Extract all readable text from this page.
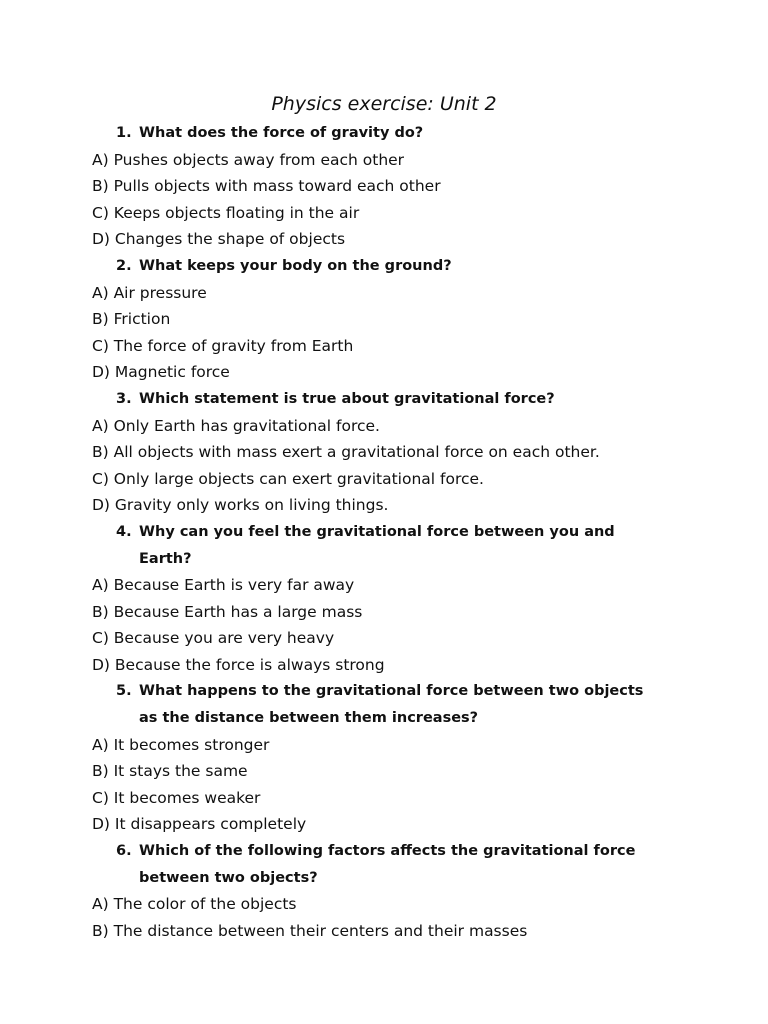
Physics exercise: Unit 2
1. What does the force of gravity do?
A) Pushes objects away from each other
B) Pulls objects with mass toward each other
C) Keeps objects floating in the air
D) Changes the shape of objects
2. What keeps your body on the ground?
A) Air pressure
B) Friction
C) The force of gravity from Earth
D) Magnetic force
3. Which statement is true about gravitational force?
A) Only Earth has gravitational force.
B) All objects with mass exert a gravitational force on each other.
C) Only large objects can exert gravitational force.
D) Gravity only works on living things.
4. Why can you feel the gravitational force between you and Earth?
A) Because Earth is very far away
B) Because Earth has a large mass
C) Because you are very heavy
D) Because the force is always strong
5. What happens to the gravitational force between two objects as the distance between them increases?
A) It becomes stronger
B) It stays the same
C) It becomes weaker
D) It disappears completely
6. Which of the following factors affects the gravitational force between two objects?
A) The color of the objects
B) The distance between their centers and their masses
